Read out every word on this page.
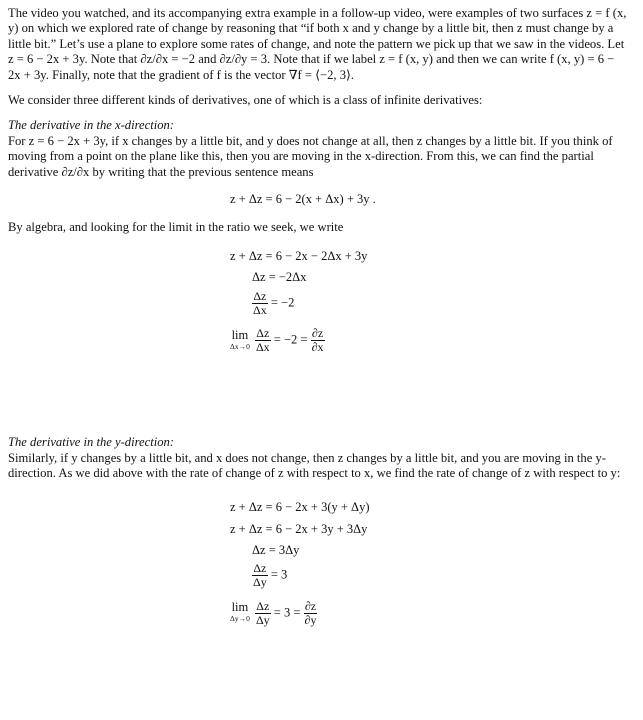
The video you watched, and its accompanying extra example in a follow-up video, were examples of two surfaces z = f (x, y) on which we explored rate of change by reasoning that “if both x and y change by a little bit, then z must change by a little bit.” Let’s use a plane to explore some rates of change, and note the pattern we pick up that we saw in the videos. Let z = 6 − 2x + 3y. Note that ∂z/∂x = −2 and ∂z/∂y = 3. Note that if we label z = f (x, y) and then we can write f (x, y) = 6 − 2x + 3y. Finally, note that the gradient of f is the vector ∇f = ⟨−2, 3⟩.

We consider three different kinds of derivatives, one of which is a class of infinite derivatives:

The derivative in the x-direction:

For z = 6 − 2x + 3y, if x changes by a little bit, and y does not change at all, then z changes by a little bit. If you think of moving from a point on the plane like this, then you are moving in the x-direction. From this, we can find the partial derivative ∂z/∂x by writing that the previous sentence means

z + Δz = 6 − 2(x + Δx) + 3y .

By algebra, and looking for the limit in the ratio we seek, we write

z + Δz = 6 − 2x − 2Δx + 3y
Δz = −2Δx
$\frac{\Delta z}{\Delta x} = -2$
lim
Δx→0
$\frac{\Delta z}{\Delta x} = -2 = \frac{\partial z}{\partial x}$

The derivative in the y-direction:

Similarly, if y changes by a little bit, and x does not change, then z changes by a little bit, and you are moving in the y-direction. As we did above with the rate of change of z with respect to x, we find the rate of change of z with respect to y:

z + Δz = 6 − 2x + 3(y + Δy)
z + Δz = 6 − 2x + 3y + 3Δy
Δz = 3Δy
$\frac{\Delta z}{\Delta y} = 3$
lim
Δy→0
$\frac{\Delta z}{\Delta y} = 3 = \frac{\partial z}{\partial y}$
